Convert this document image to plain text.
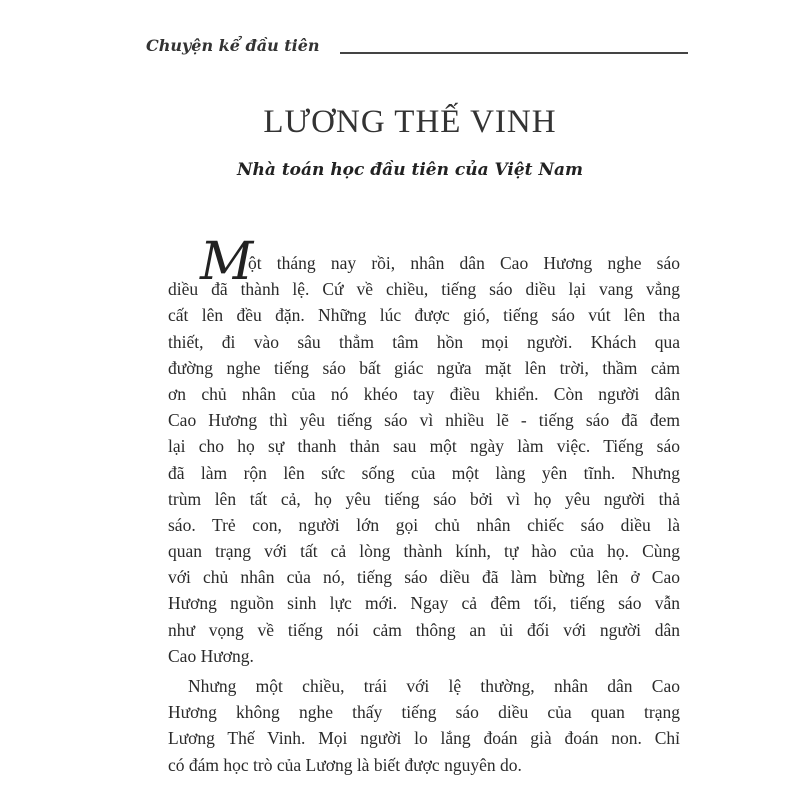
Chuyện kể đầu tiên
LƯƠNG THẾ VINH
Nhà toán học đầu tiên của Việt Nam
M
ột tháng nay rồi, nhân dân Cao Hương nghe sáo
diều đã thành lệ. Cứ về chiều, tiếng sáo diều lại vang vẳng
cất lên đều đặn. Những lúc được gió, tiếng sáo vút lên tha
thiết, đi vào sâu thẳm tâm hồn mọi người. Khách qua
đường nghe tiếng sáo bất giác ngửa mặt lên trời, thầm cảm
ơn chủ nhân của nó khéo tay điều khiển. Còn người dân
Cao Hương thì yêu tiếng sáo vì nhiều lẽ - tiếng sáo đã đem
lại cho họ sự thanh thản sau một ngày làm việc. Tiếng sáo
đã làm rộn lên sức sống của một làng yên tĩnh. Nhưng
trùm lên tất cả, họ yêu tiếng sáo bởi vì họ yêu người thả
sáo. Trẻ con, người lớn gọi chủ nhân chiếc sáo diều là
quan trạng với tất cả lòng thành kính, tự hào của họ. Cùng
với chủ nhân của nó, tiếng sáo diều đã làm bừng lên ở Cao
Hương nguồn sinh lực mới. Ngay cả đêm tối, tiếng sáo vẫn
như vọng về tiếng nói cảm thông an ủi đối với người dân
Cao Hương.
Nhưng một chiều, trái với lệ thường, nhân dân Cao
Hương không nghe thấy tiếng sáo diều của quan trạng
Lương Thế Vinh. Mọi người lo lắng đoán già đoán non. Chỉ
có đám học trò của Lương là biết được nguyên do.
